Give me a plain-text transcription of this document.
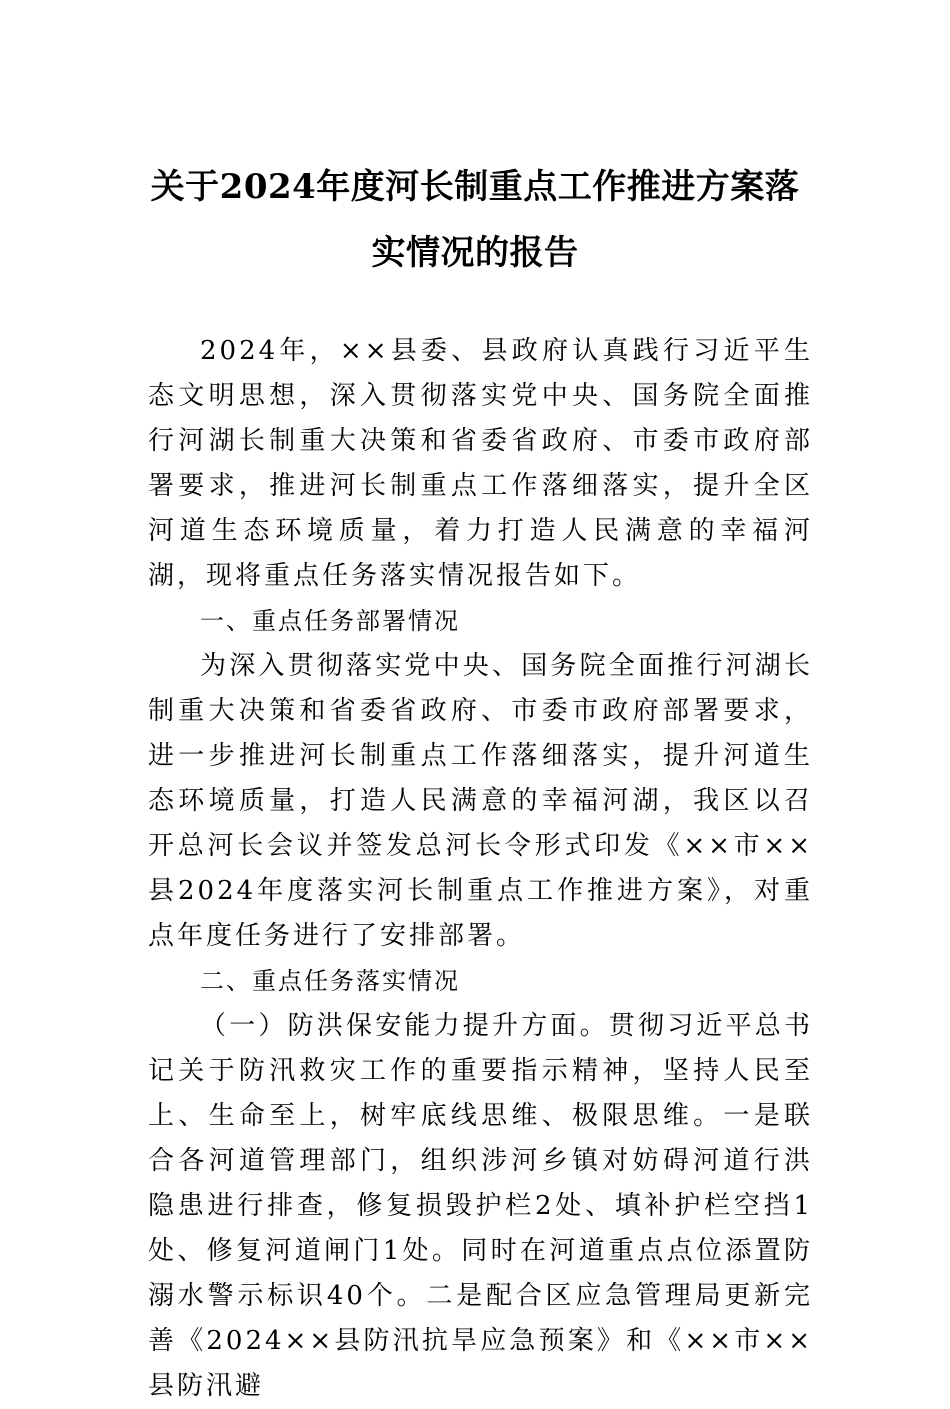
关于2024年度河长制重点工作推进方案落
实情况的报告

2024年，××县委、县政府认真践行习近平生态文明思想，深入贯彻落实党中央、国务院全面推行河湖长制重大决策和省委省政府、市委市政府部署要求，推进河长制重点工作落细落实，提升全区河道生态环境质量，着力打造人民满意的幸福河湖，现将重点任务落实情况报告如下。

一、重点任务部署情况

为深入贯彻落实党中央、国务院全面推行河湖长制重大决策和省委省政府、市委市政府部署要求，进一步推进河长制重点工作落细落实，提升河道生态环境质量，打造人民满意的幸福河湖，我区以召开总河长会议并签发总河长令形式印发《××市××县2024年度落实河长制重点工作推进方案》，对重点年度任务进行了安排部署。

二、重点任务落实情况

（一）防洪保安能力提升方面。贯彻习近平总书记关于防汛救灾工作的重要指示精神，坚持人民至上、生命至上，树牢底线思维、极限思维。一是联合各河道管理部门，组织涉河乡镇对妨碍河道行洪隐患进行排查，修复损毁护栏2处、填补护栏空挡1处、修复河道闸门1处。同时在河道重点点位添置防溺水警示标识40个。二是配合区应急管理局更新完善《2024××县防汛抗旱应急预案》和《××市××县防汛避
